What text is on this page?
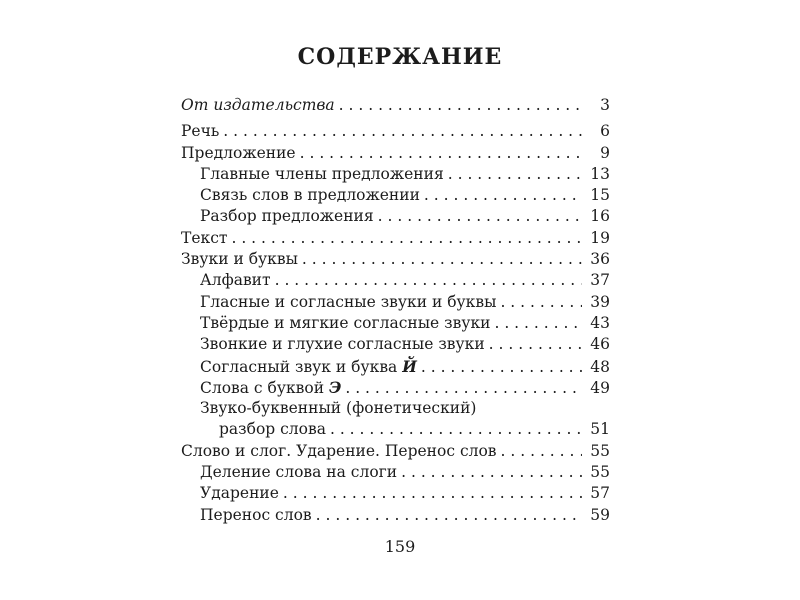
СОДЕРЖАНИЕ
От издательства . . .	3
Речь . . .	6
Предложение . . .	9
Главные члены предложения . . .	13
Связь слов в предложении . . .	15
Разбор предложения . . .	16
Текст . . .	19
Звуки и буквы . . .	36
Алфавит . . .	37
Гласные и согласные звуки и буквы . . .	39
Твёрдые и мягкие согласные звуки . . .	43
Звонкие и глухие согласные звуки . . .	46
Согласный звук и буква Й . . .	48
Слова с буквой Э . . .	49
Звуко-буквенный (фонетический)
разбор слова . . .	51
Слово и слог. Ударение. Перенос слов . . .	55
Деление слова на слоги . . .	55
Ударение . . .	57
Перенос слов . . .	59
159
